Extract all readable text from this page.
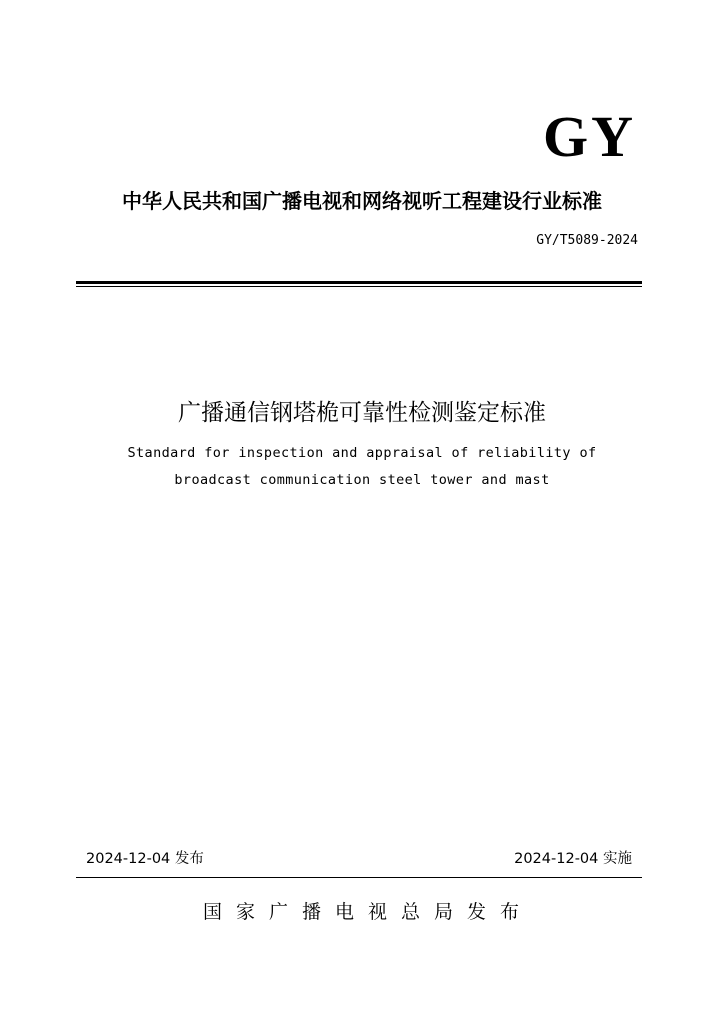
GY
中华人民共和国广播电视和网络视听工程建设行业标准
GY/T5089-2024
广播通信钢塔桅可靠性检测鉴定标准
Standard for inspection and appraisal of reliability of
broadcast communication steel tower and mast
2024-12-04 发布	2024-12-04 实施
国家广播电视总局发布
